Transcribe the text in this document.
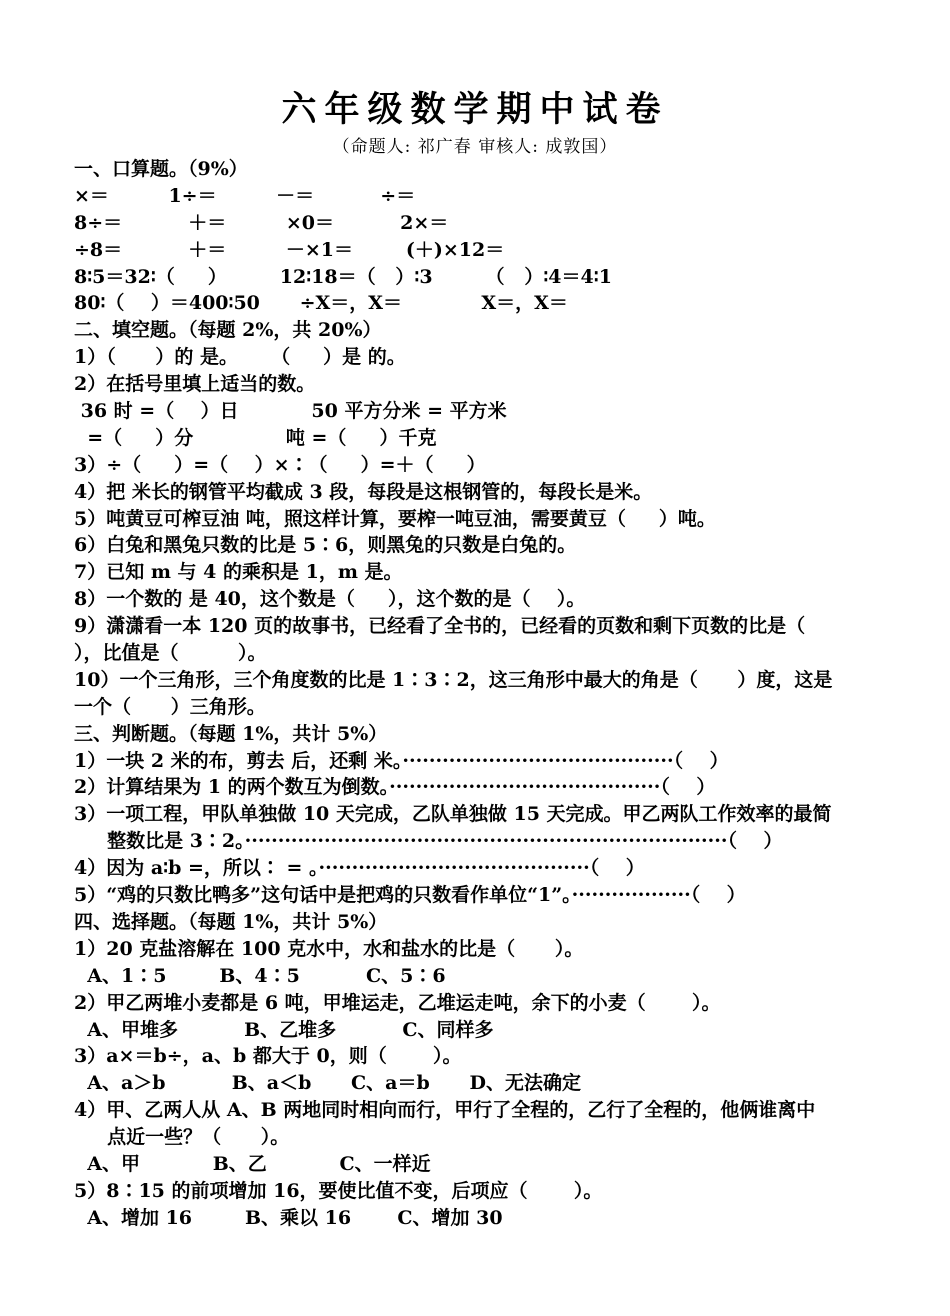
六年级数学期中试卷
（命题人: 祁广春 审核人: 成敦国）
一、口算题。（9%）
×＝         1÷＝         －＝          ÷＝
8÷＝          ＋＝         ×0＝          2×＝
÷8＝          ＋＝         －×1＝        (＋)×12＝
8∶5＝32∶（     ）        12∶18＝（   ）∶3        （   ）∶4＝4∶1
80∶（    ）＝400∶50      ÷X＝，X＝            X＝，X＝
二、填空题。（每题 2%，共 20%）
1）（      ）的 是。     （     ）是 的。
2）在括号里填上适当的数。
36 时 =（    ）日           50 平方分米 = 平方米
=（     ）分              吨 =（     ）千克
3）÷（     ）=（    ）×∶（     ）=＋（     ）
4）把 米长的钢管平均截成 3 段，每段是这根钢管的，每段长是米。
5）吨黄豆可榨豆油 吨，照这样计算，要榨一吨豆油，需要黄豆（     ）吨。
6）白兔和黑兔只数的比是 5∶6，则黑兔的只数是白兔的。
7）已知 m 与 4 的乘积是 1，m 是。
8）一个数的 是 40，这个数是（     ），这个数的是（    ）。
9）潇潇看一本 120 页的故事书，已经看了全书的，已经看的页数和剩下页数的比是（
），比值是（         ）。
10）一个三角形，三个角度数的比是 1∶3∶2，这三角形中最大的角是（      ）度，这是
一个（      ）三角形。
三、判断题。（每题 1%，共计 5%）
1）一块 2 米的布，剪去 后，还剩 米。·········································（    ）
2）计算结果为 1 的两个数互为倒数。·········································（    ）
3）一项工程，甲队单独做 10 天完成，乙队单独做 15 天完成。甲乙两队工作效率的最简
整数比是 3∶2。·········································································（    ）
4）因为 a∶b =，所以∶ = 。·········································（    ）
5）“鸡的只数比鸭多”这句话中是把鸡的只数看作单位“1”。··················（    ）
四、选择题。（每题 1%，共计 5%）
1）20 克盐溶解在 100 克水中，水和盐水的比是（      ）。
A、1∶5        B、4∶5          C、5∶6
2）甲乙两堆小麦都是 6 吨，甲堆运走，乙堆运走吨，余下的小麦（       ）。
A、甲堆多          B、乙堆多          C、同样多
3）a×＝b÷，a、b 都大于 0，则（       ）。
A、a＞b          B、a＜b      C、a＝b      D、无法确定
4）甲、乙两人从 A、B 两地同时相向而行，甲行了全程的，乙行了全程的，他俩谁离中
点近一些？（      ）。
A、甲           B、乙           C、一样近
5）8∶15 的前项增加 16，要使比值不变，后项应（       ）。
A、增加 16        B、乘以 16       C、增加 30
